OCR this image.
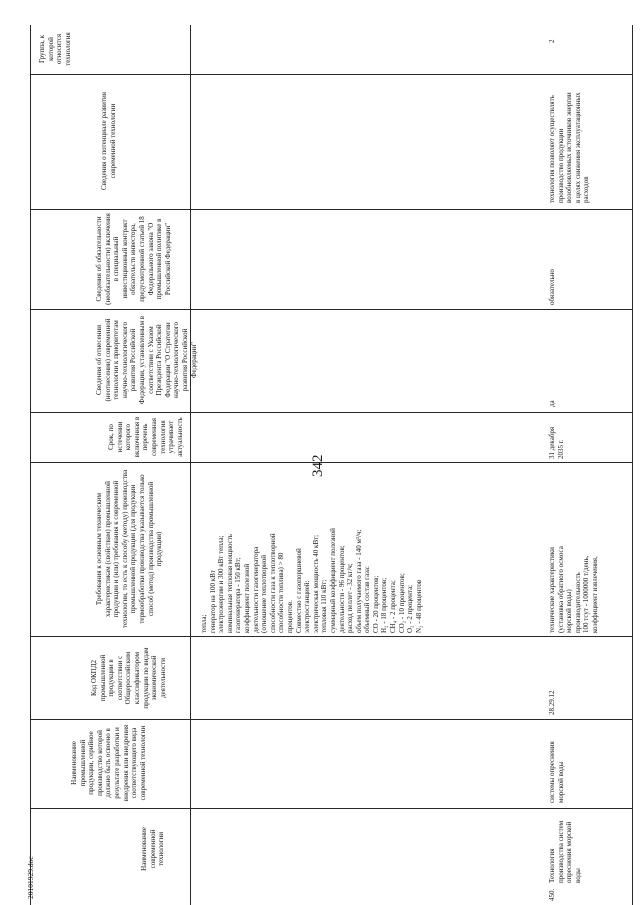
Наименование современной технологии
Наименование промышленной продукции, серийное производство которой должно быть освоено в результате разработки и внедрения или внедрения соответствующего вида современной технологии
Код ОКПД2 промышленной продукции в соответствии с Общероссийским классификатором продукции по видам экономической деятельности
Требования к основным техническим характеристикам (свойствам) промышленной продукции и (или) требования к современной технологии, то есть к способу (методу) производства промышленной продукции (для продукции термообработки производства указывается только способ (метод) производства промышленной продукции)
Срок, по истечении которого включенная в перечень современная технология утрачивает актуальность
Сведения об отнесении (неотнесении) современной технологии к приоритетам научно-технологического развития Российской Федерации, установленным в соответствии с Указом Президента Российской Федерации "О Стратегии научно-технологического развития Российской Федерации"
Сведения об обязательности (необязательности) включения в специальный инвестиционный контракт обязательств инвестора, предусмотренной статьей 18 Федерального закона "О промышленной политике в Российской Федерации"
Сведения о потенциале развития современной технологии
Группа, к которой относится технология
342
тепла;
генератор на 100 кВт
электроэнергии и 300 кВт тепла;
номинальная тепловая мощность
газогенератора - 150 кВт;
коэффициент полезной
деятельности газогенератора
(отношение теплотворной
способности газа к теплотворной
способности топлива) > 80
процентов.
Совместно с газопоршневой
электростанцией:
электрическая мощность 40 кВт;
тепловая 110 кВт;
суммарный коэффициент полезной
деятельности - 96 процентов;
расход пеллет - 32 кг/ч;
объем получаемого газа - 140 м³/ч;
объемный состав газа:
CO - 20 процентов;
H₂ - 18 процентов;
CH₄ - 2 процента;
CO₂ - 10 процентов;
O₂ - 2 процента;
N₂ - 48 процентов
450.
Технология производства систем опреснения морской воды
системы опреснения морской воды
28.29.12
технические характеристики
(установка обратного осмоса
морской воды)
производительность
100 тсут - 1000000 т/день,
коэффициент извлечения,
31 декабря
2035 г.
да
обязательно
технология позволяет осуществлять
производство продукции
возобновляемых источников энергии
в целях снижения эксплуатационных
расходов
2
20101929.doc
